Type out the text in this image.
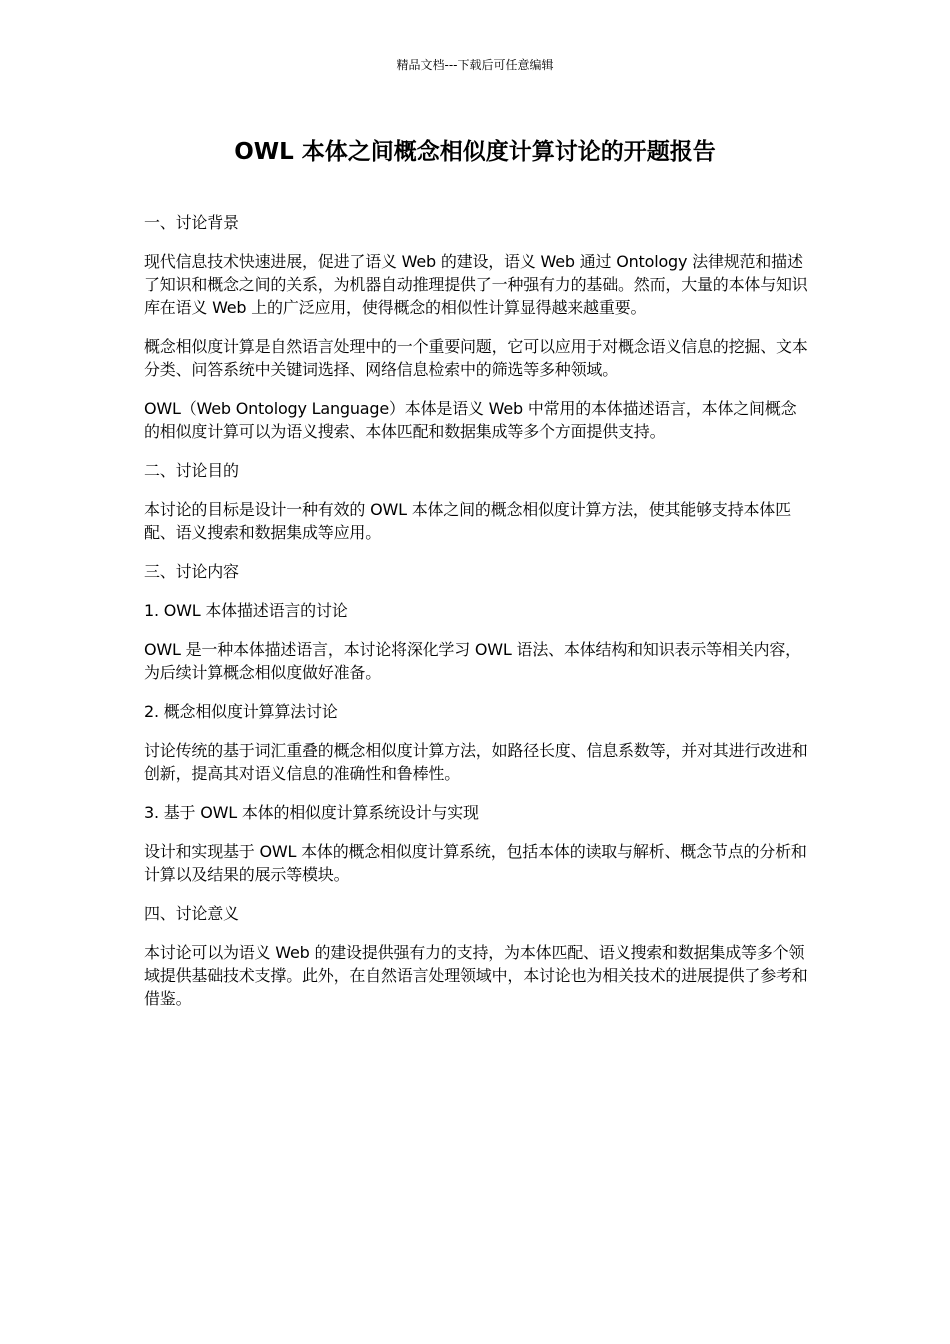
精品文档---下载后可任意编辑
OWL 本体之间概念相似度计算讨论的开题报告

一、讨论背景

现代信息技术快速进展，促进了语义 Web 的建设，语义 Web 通过 Ontology 法律规范和描述了知识和概念之间的关系，为机器自动推理提供了一种强有力的基础。然而，大量的本体与知识库在语义 Web 上的广泛应用，使得概念的相似性计算显得越来越重要。

概念相似度计算是自然语言处理中的一个重要问题，它可以应用于对概念语义信息的挖掘、文本分类、问答系统中关键词选择、网络信息检索中的筛选等多种领域。

OWL（Web Ontology Language）本体是语义 Web 中常用的本体描述语言，本体之间概念的相似度计算可以为语义搜索、本体匹配和数据集成等多个方面提供支持。

二、讨论目的

本讨论的目标是设计一种有效的 OWL 本体之间的概念相似度计算方法，使其能够支持本体匹配、语义搜索和数据集成等应用。

三、讨论内容

1. OWL 本体描述语言的讨论

OWL 是一种本体描述语言，本讨论将深化学习 OWL 语法、本体结构和知识表示等相关内容，为后续计算概念相似度做好准备。

2. 概念相似度计算算法讨论

讨论传统的基于词汇重叠的概念相似度计算方法，如路径长度、信息系数等，并对其进行改进和创新，提高其对语义信息的准确性和鲁棒性。

3. 基于 OWL 本体的相似度计算系统设计与实现

设计和实现基于 OWL 本体的概念相似度计算系统，包括本体的读取与解析、概念节点的分析和计算以及结果的展示等模块。

四、讨论意义

本讨论可以为语义 Web 的建设提供强有力的支持，为本体匹配、语义搜索和数据集成等多个领域提供基础技术支撑。此外，在自然语言处理领域中，本讨论也为相关技术的进展提供了参考和借鉴。
